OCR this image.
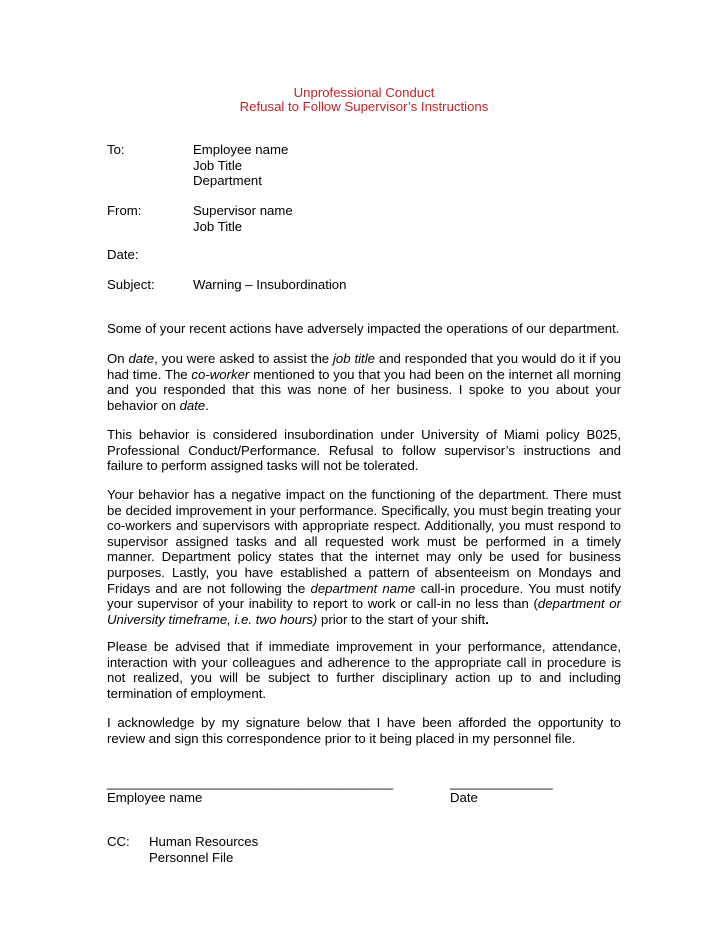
Unprofessional Conduct
Refusal to Follow Supervisor’s Instructions
To:	Employee name
Job Title
Department
From:	Supervisor name
Job Title
Date:
Subject:	Warning – Insubordination

Some of your recent actions have adversely impacted the operations of our department.

On date, you were asked to assist the job title and responded that you would do it if you had time. The co-worker mentioned to you that you had been on the internet all morning and you responded that this was none of her business. I spoke to you about your behavior on date.

This behavior is considered insubordination under University of Miami policy B025, Professional Conduct/Performance. Refusal to follow supervisor’s instructions and failure to perform assigned tasks will not be tolerated.

Your behavior has a negative impact on the functioning of the department. There must be decided improvement in your performance. Specifically, you must begin treating your co-workers and supervisors with appropriate respect. Additionally, you must respond to supervisor assigned tasks and all requested work must be performed in a timely manner. Department policy states that the internet may only be used for business purposes. Lastly, you have established a pattern of absenteeism on Mondays and Fridays and are not following the department name call-in procedure. You must notify your supervisor of your inability to report to work or call-in no less than (department or University timeframe, i.e. two hours) prior to the start of your shift.

Please be advised that if immediate improvement in your performance, attendance, interaction with your colleagues and adherence to the appropriate call in procedure is not realized, you will be subject to further disciplinary action up to and including termination of employment.

I acknowledge by my signature below that I have been afforded the opportunity to review and sign this correspondence prior to it being placed in my personnel file.

_______________________________________	______________
Employee name	Date
CC: Human Resources
Personnel File
